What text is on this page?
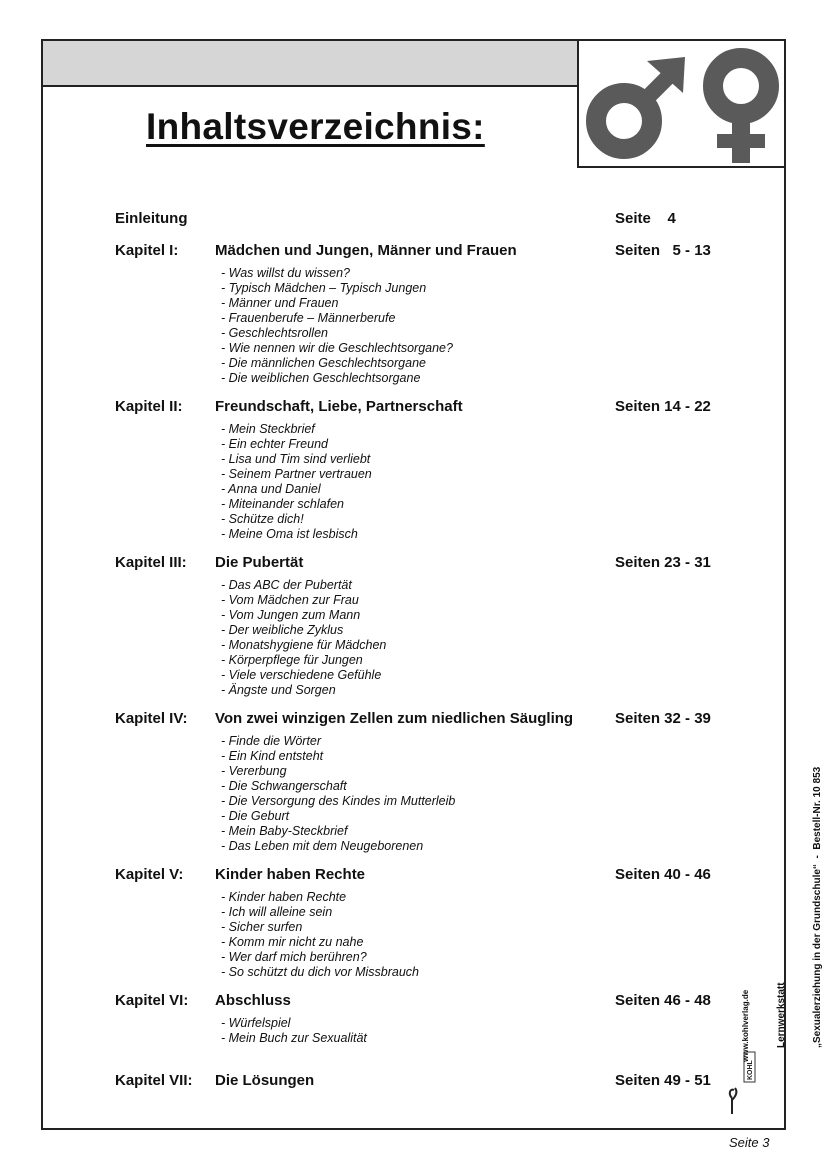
Inhaltsverzeichnis:
Einleitung	Seite    4
Kapitel I: Mädchen und Jungen, Männer und Frauen	Seiten   5 - 13
- Was willst du wissen?
- Typisch Mädchen – Typisch Jungen
- Männer und Frauen
- Frauenberufe – Männerberufe
- Geschlechtsrollen
- Wie nennen wir die Geschlechtsorgane?
- Die männlichen Geschlechtsorgane
- Die weiblichen Geschlechtsorgane
Kapitel II: Freundschaft, Liebe, Partnerschaft	Seiten 14 - 22
- Mein Steckbrief
- Ein echter Freund
- Lisa und Tim sind verliebt
- Seinem Partner vertrauen
- Anna und Daniel
- Miteinander schlafen
- Schütze dich!
- Meine Oma ist lesbisch
Kapitel III: Die Pubertät	Seiten 23 - 31
- Das ABC der Pubertät
- Vom Mädchen zur Frau
- Vom Jungen zum Mann
- Der weibliche Zyklus
- Monatshygiene für Mädchen
- Körperpflege für Jungen
- Viele verschiedene Gefühle
- Ängste und Sorgen
Kapitel IV: Von zwei winzigen Zellen zum niedlichen Säugling	Seiten 32 - 39
- Finde die Wörter
- Ein Kind entsteht
- Vererbung
- Die Schwangerschaft
- Die Versorgung des Kindes im Mutterleib
- Die Geburt
- Mein Baby-Steckbrief
- Das Leben mit dem Neugeborenen
Kapitel V: Kinder haben Rechte	Seiten 40 - 46
- Kinder haben Rechte
- Ich will alleine sein
- Sicher surfen
- Komm mir nicht zu nahe
- Wer darf mich berühren?
- So schützt du dich vor Missbrauch
Kapitel VI: Abschluss	Seiten 46 - 48
- Würfelspiel
- Mein Buch zur Sexualität
Kapitel VII: Die Lösungen	Seiten 49 - 51
KOHL
www.kohlverlag.de

	Lernwerkstatt

	„Sexualerziehung in der Grundschule“  -  Bestell-Nr. 10 853

Seite 3
